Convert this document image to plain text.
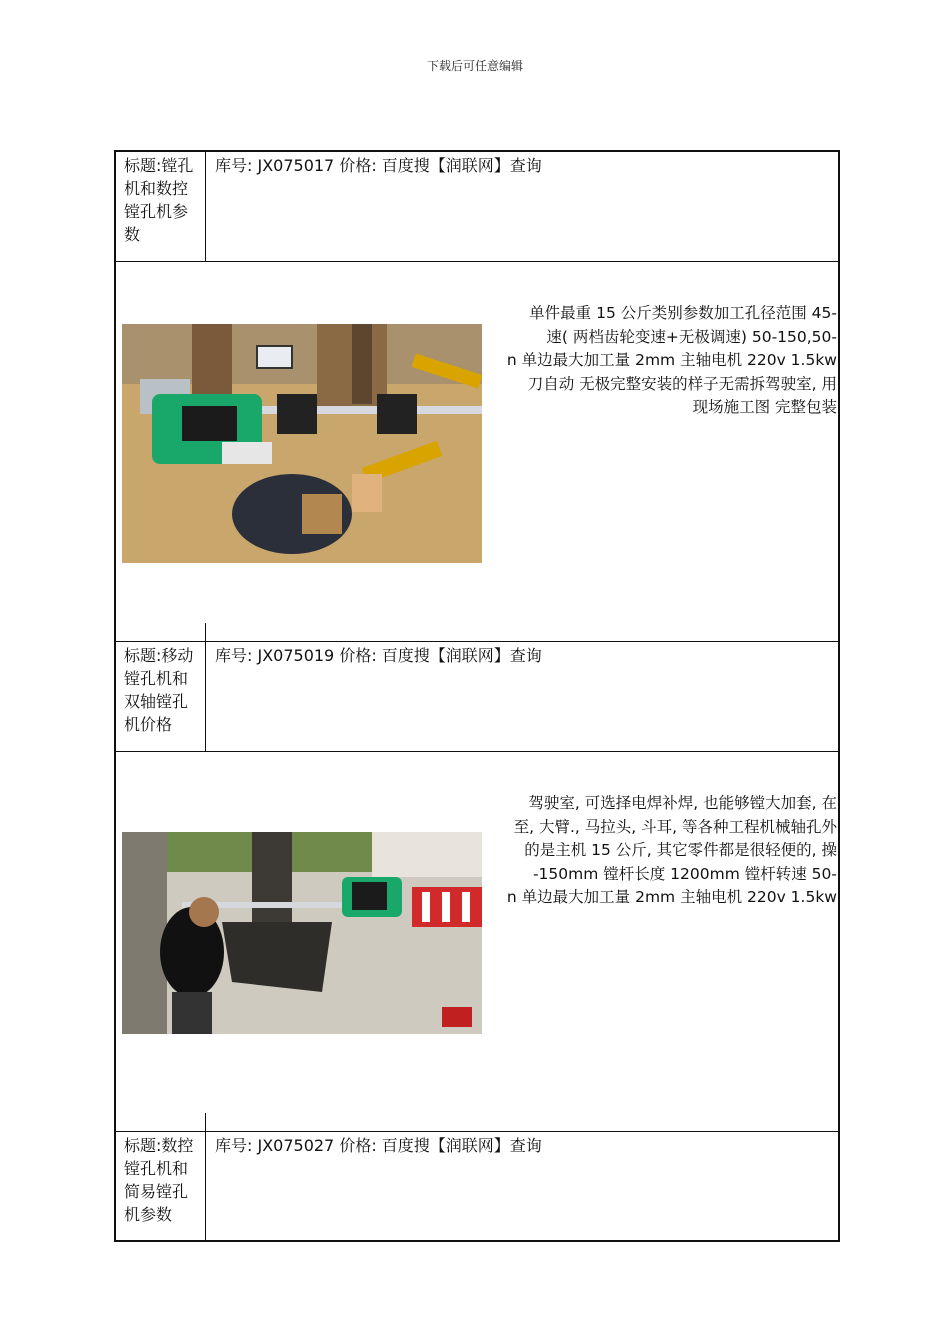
下载后可任意编辑
标题:镗孔机和数控镗孔机参数
库号: JX075017 价格: 百度搜【润联网】查询
单件最重 15 公斤类别参数加工孔径范围 45-
速( 两档齿轮变速+无极调速) 50-150,50-
n 单边最大加工量 2mm 主轴电机 220v 1.5kw
刀自动 无极完整安装的样子无需拆驾驶室, 用
现场施工图 完整包装
标题:移动镗孔机和双轴镗孔机价格
库号: JX075019 价格: 百度搜【润联网】查询
驾驶室, 可选择电焊补焊, 也能够镗大加套, 在
至, 大臂., 马拉头, 斗耳, 等各种工程机械轴孔外
的是主机 15 公斤, 其它零件都是很轻便的, 操
-150mm 镗杆长度 1200mm 镗杆转速 50-
n 单边最大加工量 2mm 主轴电机 220v 1.5kw
标题:数控镗孔机和简易镗孔机参数
库号: JX075027 价格: 百度搜【润联网】查询
